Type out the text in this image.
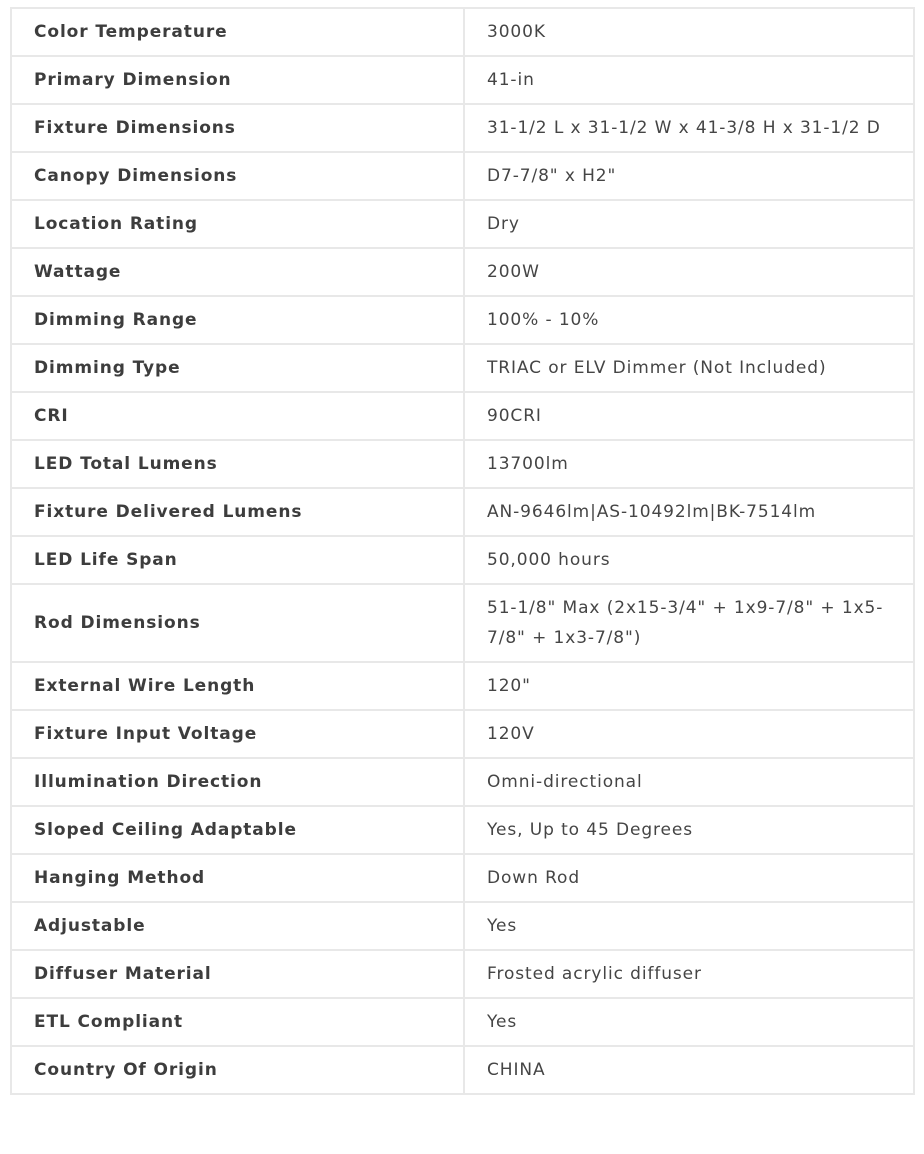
Color Temperature	3000K
Primary Dimension	41-in
Fixture Dimensions	31-1/2 L x 31-1/2 W x 41-3/8 H x 31-1/2 D
Canopy Dimensions	D7-7/8" x H2"
Location Rating	Dry
Wattage	200W
Dimming Range	100% - 10%
Dimming Type	TRIAC or ELV Dimmer (Not Included)
CRI	90CRI
LED Total Lumens	13700lm
Fixture Delivered Lumens	AN-9646lm|AS-10492lm|BK-7514lm
LED Life Span	50,000 hours
Rod Dimensions	51-1/8" Max (2x15-3/4" + 1x9-7/8" + 1x5-7/8" + 1x3-7/8")
External Wire Length	120"
Fixture Input Voltage	120V
Illumination Direction	Omni-directional
Sloped Ceiling Adaptable	Yes, Up to 45 Degrees
Hanging Method	Down Rod
Adjustable	Yes
Diffuser Material	Frosted acrylic diffuser
ETL Compliant	Yes
Country Of Origin	CHINA
